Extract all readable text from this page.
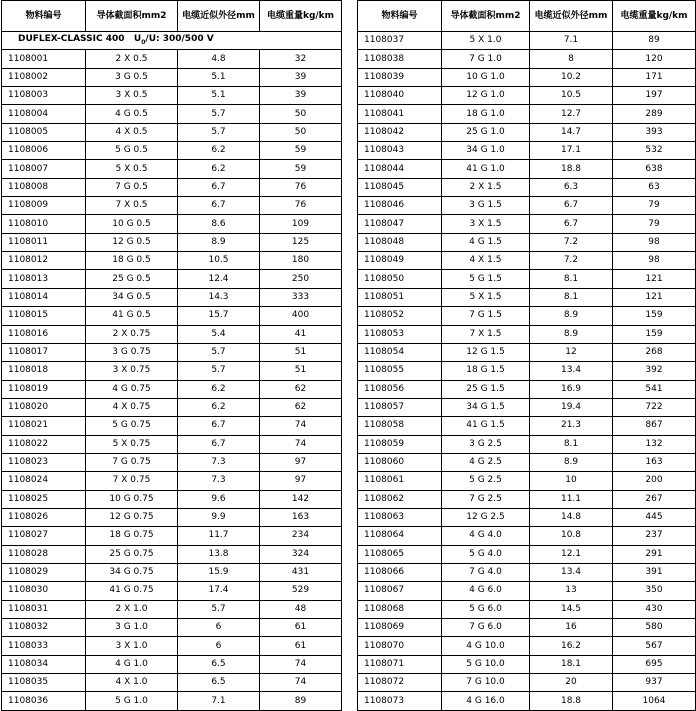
物料编号	导体截面积mm2	电缆近似外径mm	电缆重量kg/km
DUFLEX-CLASSIC 400 $U_0/U$: 300/500 V			
1108001	2 X 0.5	4.8	32
1108002	3 G 0.5	5.1	39
1108003	3 X 0.5	5.1	39
1108004	4 G 0.5	5.7	50
1108005	4 X 0.5	5.7	50
1108006	5 G 0.5	6.2	59
1108007	5 X 0.5	6.2	59
1108008	7 G 0.5	6.7	76
1108009	7 X 0.5	6.7	76
1108010	10 G 0.5	8.6	109
1108011	12 G 0.5	8.9	125
1108012	18 G 0.5	10.5	180
1108013	25 G 0.5	12.4	250
1108014	34 G 0.5	14.3	333
1108015	41 G 0.5	15.7	400
1108016	2 X 0.75	5.4	41
1108017	3 G 0.75	5.7	51
1108018	3 X 0.75	5.7	51
1108019	4 G 0.75	6.2	62
1108020	4 X 0.75	6.2	62
1108021	5 G 0.75	6.7	74
1108022	5 X 0.75	6.7	74
1108023	7 G 0.75	7.3	97
1108024	7 X 0.75	7.3	97
1108025	10 G 0.75	9.6	142
1108026	12 G 0.75	9.9	163
1108027	18 G 0.75	11.7	234
1108028	25 G 0.75	13.8	324
1108029	34 G 0.75	15.9	431
1108030	41 G 0.75	17.4	529
1108031	2 X 1.0	5.7	48
1108032	3 G 1.0	6	61
1108033	3 X 1.0	6	61
1108034	4 G 1.0	6.5	74
1108035	4 X 1.0	6.5	74
1108036	5 G 1.0	7.1	89
物料编号	导体截面积mm2	电缆近似外径mm	电缆重量kg/km
1108037	5 X 1.0	7.1	89
1108038	7 G 1.0	8	120
1108039	10 G 1.0	10.2	171
1108040	12 G 1.0	10.5	197
1108041	18 G 1.0	12.7	289
1108042	25 G 1.0	14.7	393
1108043	34 G 1.0	17.1	532
1108044	41 G 1.0	18.8	638
1108045	2 X 1.5	6.3	63
1108046	3 G 1.5	6.7	79
1108047	3 X 1.5	6.7	79
1108048	4 G 1.5	7.2	98
1108049	4 X 1.5	7.2	98
1108050	5 G 1.5	8.1	121
1108051	5 X 1.5	8.1	121
1108052	7 G 1.5	8.9	159
1108053	7 X 1.5	8.9	159
1108054	12 G 1.5	12	268
1108055	18 G 1.5	13.4	392
1108056	25 G 1.5	16.9	541
1108057	34 G 1.5	19.4	722
1108058	41 G 1.5	21.3	867
1108059	3 G 2.5	8.1	132
1108060	4 G 2.5	8.9	163
1108061	5 G 2.5	10	200
1108062	7 G 2.5	11.1	267
1108063	12 G 2.5	14.8	445
1108064	4 G 4.0	10.8	237
1108065	5 G 4.0	12.1	291
1108066	7 G 4.0	13.4	391
1108067	4 G 6.0	13	350
1108068	5 G 6.0	14.5	430
1108069	7 G 6.0	16	580
1108070	4 G 10.0	16.2	567
1108071	5 G 10.0	18.1	695
1108072	7 G 10.0	20	937
1108073	4 G 16.0	18.8	1064
